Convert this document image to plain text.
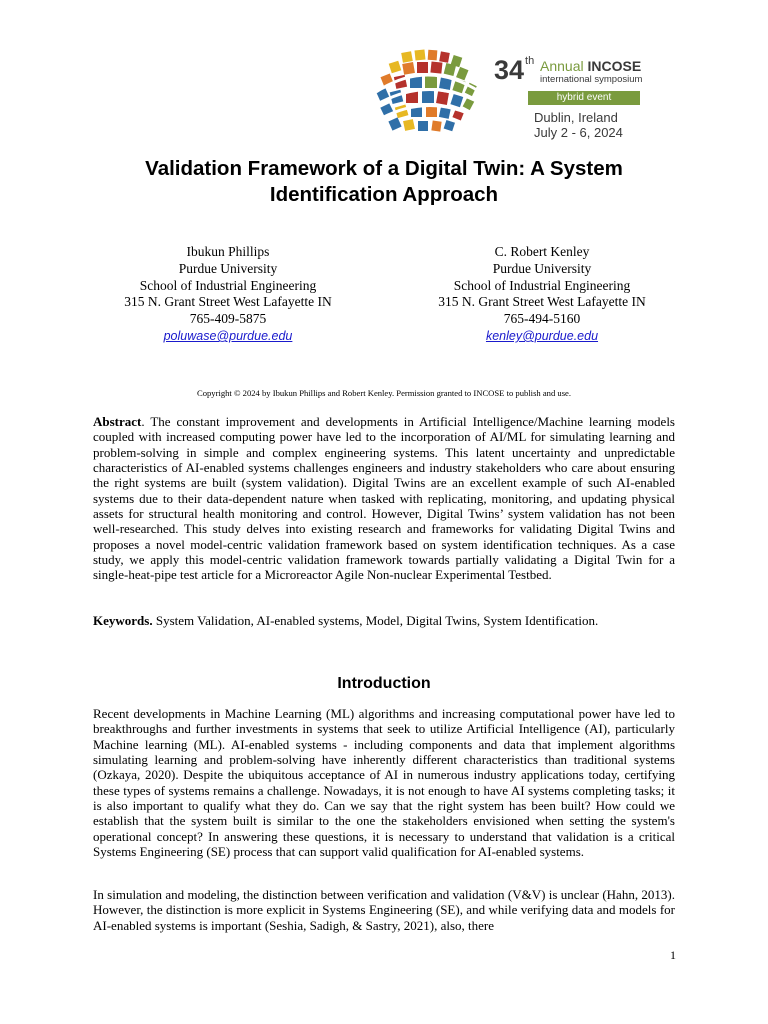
34th Annual INCOSE
international symposium
hybrid event
Dublin, Ireland
July 2 - 6, 2024
Validation Framework of a Digital Twin: A System Identification Approach
Ibukun Phillips
Purdue University
School of Industrial Engineering
315 N. Grant Street West Lafayette IN
765-409-5875
poluwase@purdue.edu
C. Robert Kenley
Purdue University
School of Industrial Engineering
315 N. Grant Street West Lafayette IN
765-494-5160
kenley@purdue.edu
Copyright © 2024 by Ibukun Phillips and Robert Kenley. Permission granted to INCOSE to publish and use.
Abstract. The constant improvement and developments in Artificial Intelligence/Machine learning models coupled with increased computing power have led to the incorporation of AI/ML for simulating learning and problem-solving in simple and complex engineering systems. This latent uncertainty and unpredictable characteristics of AI-enabled systems challenges engineers and industry stakeholders who care about ensuring the right systems are built (system validation). Digital Twins are an excellent example of such AI-enabled systems due to their data-dependent nature when tasked with replicating, monitoring, and updating physical assets for structural health monitoring and control. However, Digital Twins’ system validation has not been well-researched. This study delves into existing research and frameworks for validating Digital Twins and proposes a novel model-centric validation framework based on system identification techniques. As a case study, we apply this model-centric validation framework towards partially validating a Digital Twin for a single-heat-pipe test article for a Microreactor Agile Non-nuclear Experimental Testbed.
Keywords. System Validation, AI-enabled systems, Model, Digital Twins, System Identification.
Introduction
Recent developments in Machine Learning (ML) algorithms and increasing computational power have led to breakthroughs and further investments in systems that seek to utilize Artificial Intelligence (AI), particularly Machine learning (ML). AI-enabled systems - including components and data that implement algorithms simulating learning and problem-solving have inherently different characteristics than traditional systems (Ozkaya, 2020). Despite the ubiquitous acceptance of AI in numerous industry applications today, certifying these types of systems remains a challenge. Nowadays, it is not enough to have AI systems completing tasks; it is also important to qualify what they do. Can we say that the right system has been built? How could we establish that the system built is similar to the one the stakeholders envisioned when setting the system's operational concept? In answering these questions, it is necessary to understand that validation is a critical Systems Engineering (SE) process that can support valid qualification for AI-enabled systems.
In simulation and modeling, the distinction between verification and validation (V&V) is unclear (Hahn, 2013). However, the distinction is more explicit in Systems Engineering (SE), and while verifying data and models for AI-enabled systems is important (Seshia, Sadigh, & Sastry, 2021), also, there
1
